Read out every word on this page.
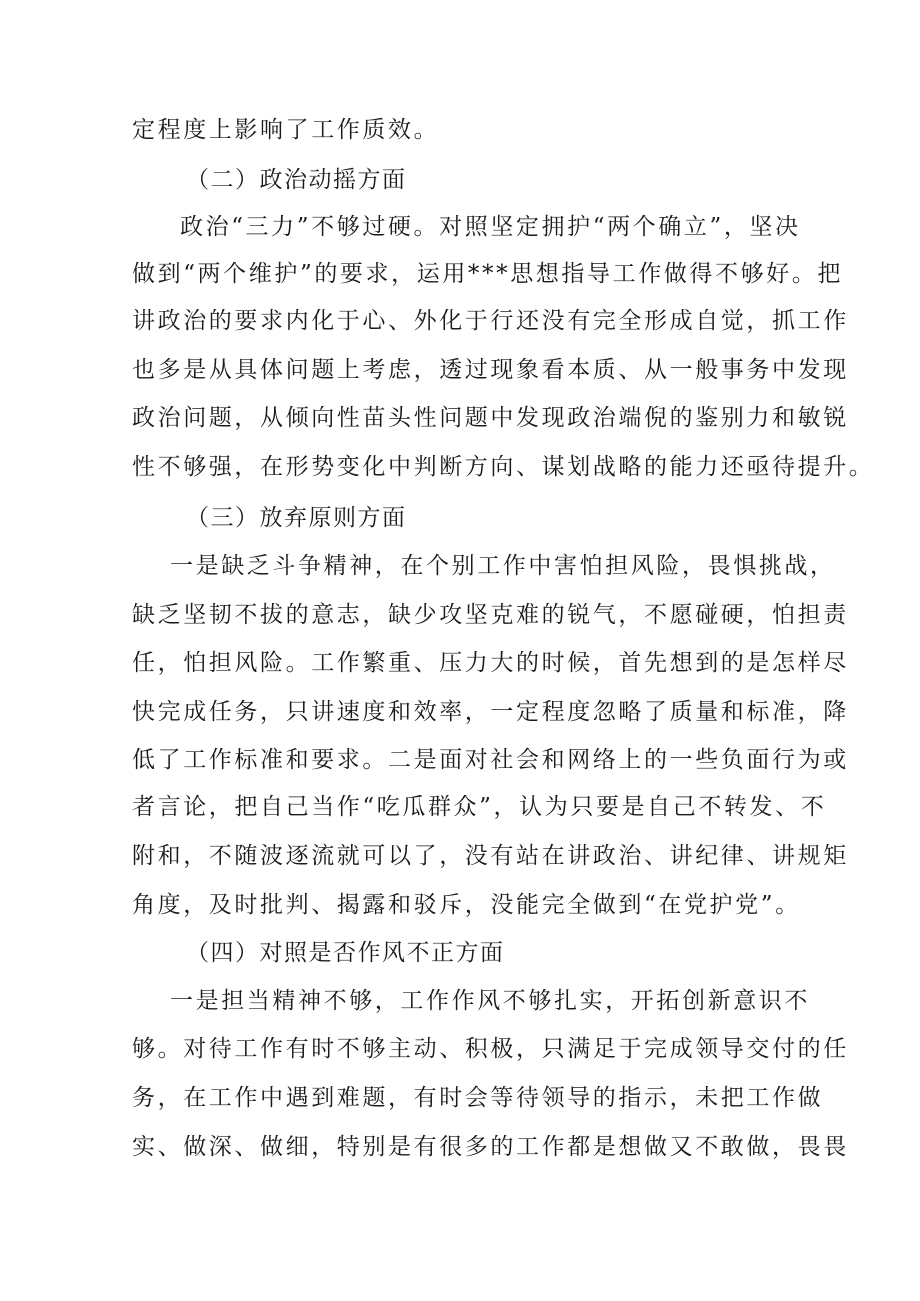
定程度上影响了工作质效。
（二）政治动摇方面
政治“三力”不够过硬。对照坚定拥护“两个确立”，坚决
做到“两个维护”的要求，运用***思想指导工作做得不够好。把
讲政治的要求内化于心、外化于行还没有完全形成自觉，抓工作
也多是从具体问题上考虑，透过现象看本质、从一般事务中发现
政治问题，从倾向性苗头性问题中发现政治端倪的鉴别力和敏锐
性不够强，在形势变化中判断方向、谋划战略的能力还亟待提升。
（三）放弃原则方面
一是缺乏斗争精神，在个别工作中害怕担风险，畏惧挑战，
缺乏坚韧不拔的意志，缺少攻坚克难的锐气，不愿碰硬，怕担责
任，怕担风险。工作繁重、压力大的时候，首先想到的是怎样尽
快完成任务，只讲速度和效率，一定程度忽略了质量和标准，降
低了工作标准和要求。二是面对社会和网络上的一些负面行为或
者言论，把自己当作“吃瓜群众”，认为只要是自己不转发、不
附和，不随波逐流就可以了，没有站在讲政治、讲纪律、讲规矩
角度，及时批判、揭露和驳斥，没能完全做到“在党护党”。
（四）对照是否作风不正方面
一是担当精神不够，工作作风不够扎实，开拓创新意识不
够。对待工作有时不够主动、积极，只满足于完成领导交付的任
务，在工作中遇到难题，有时会等待领导的指示，未把工作做
实、做深、做细，特别是有很多的工作都是想做又不敢做，畏畏
